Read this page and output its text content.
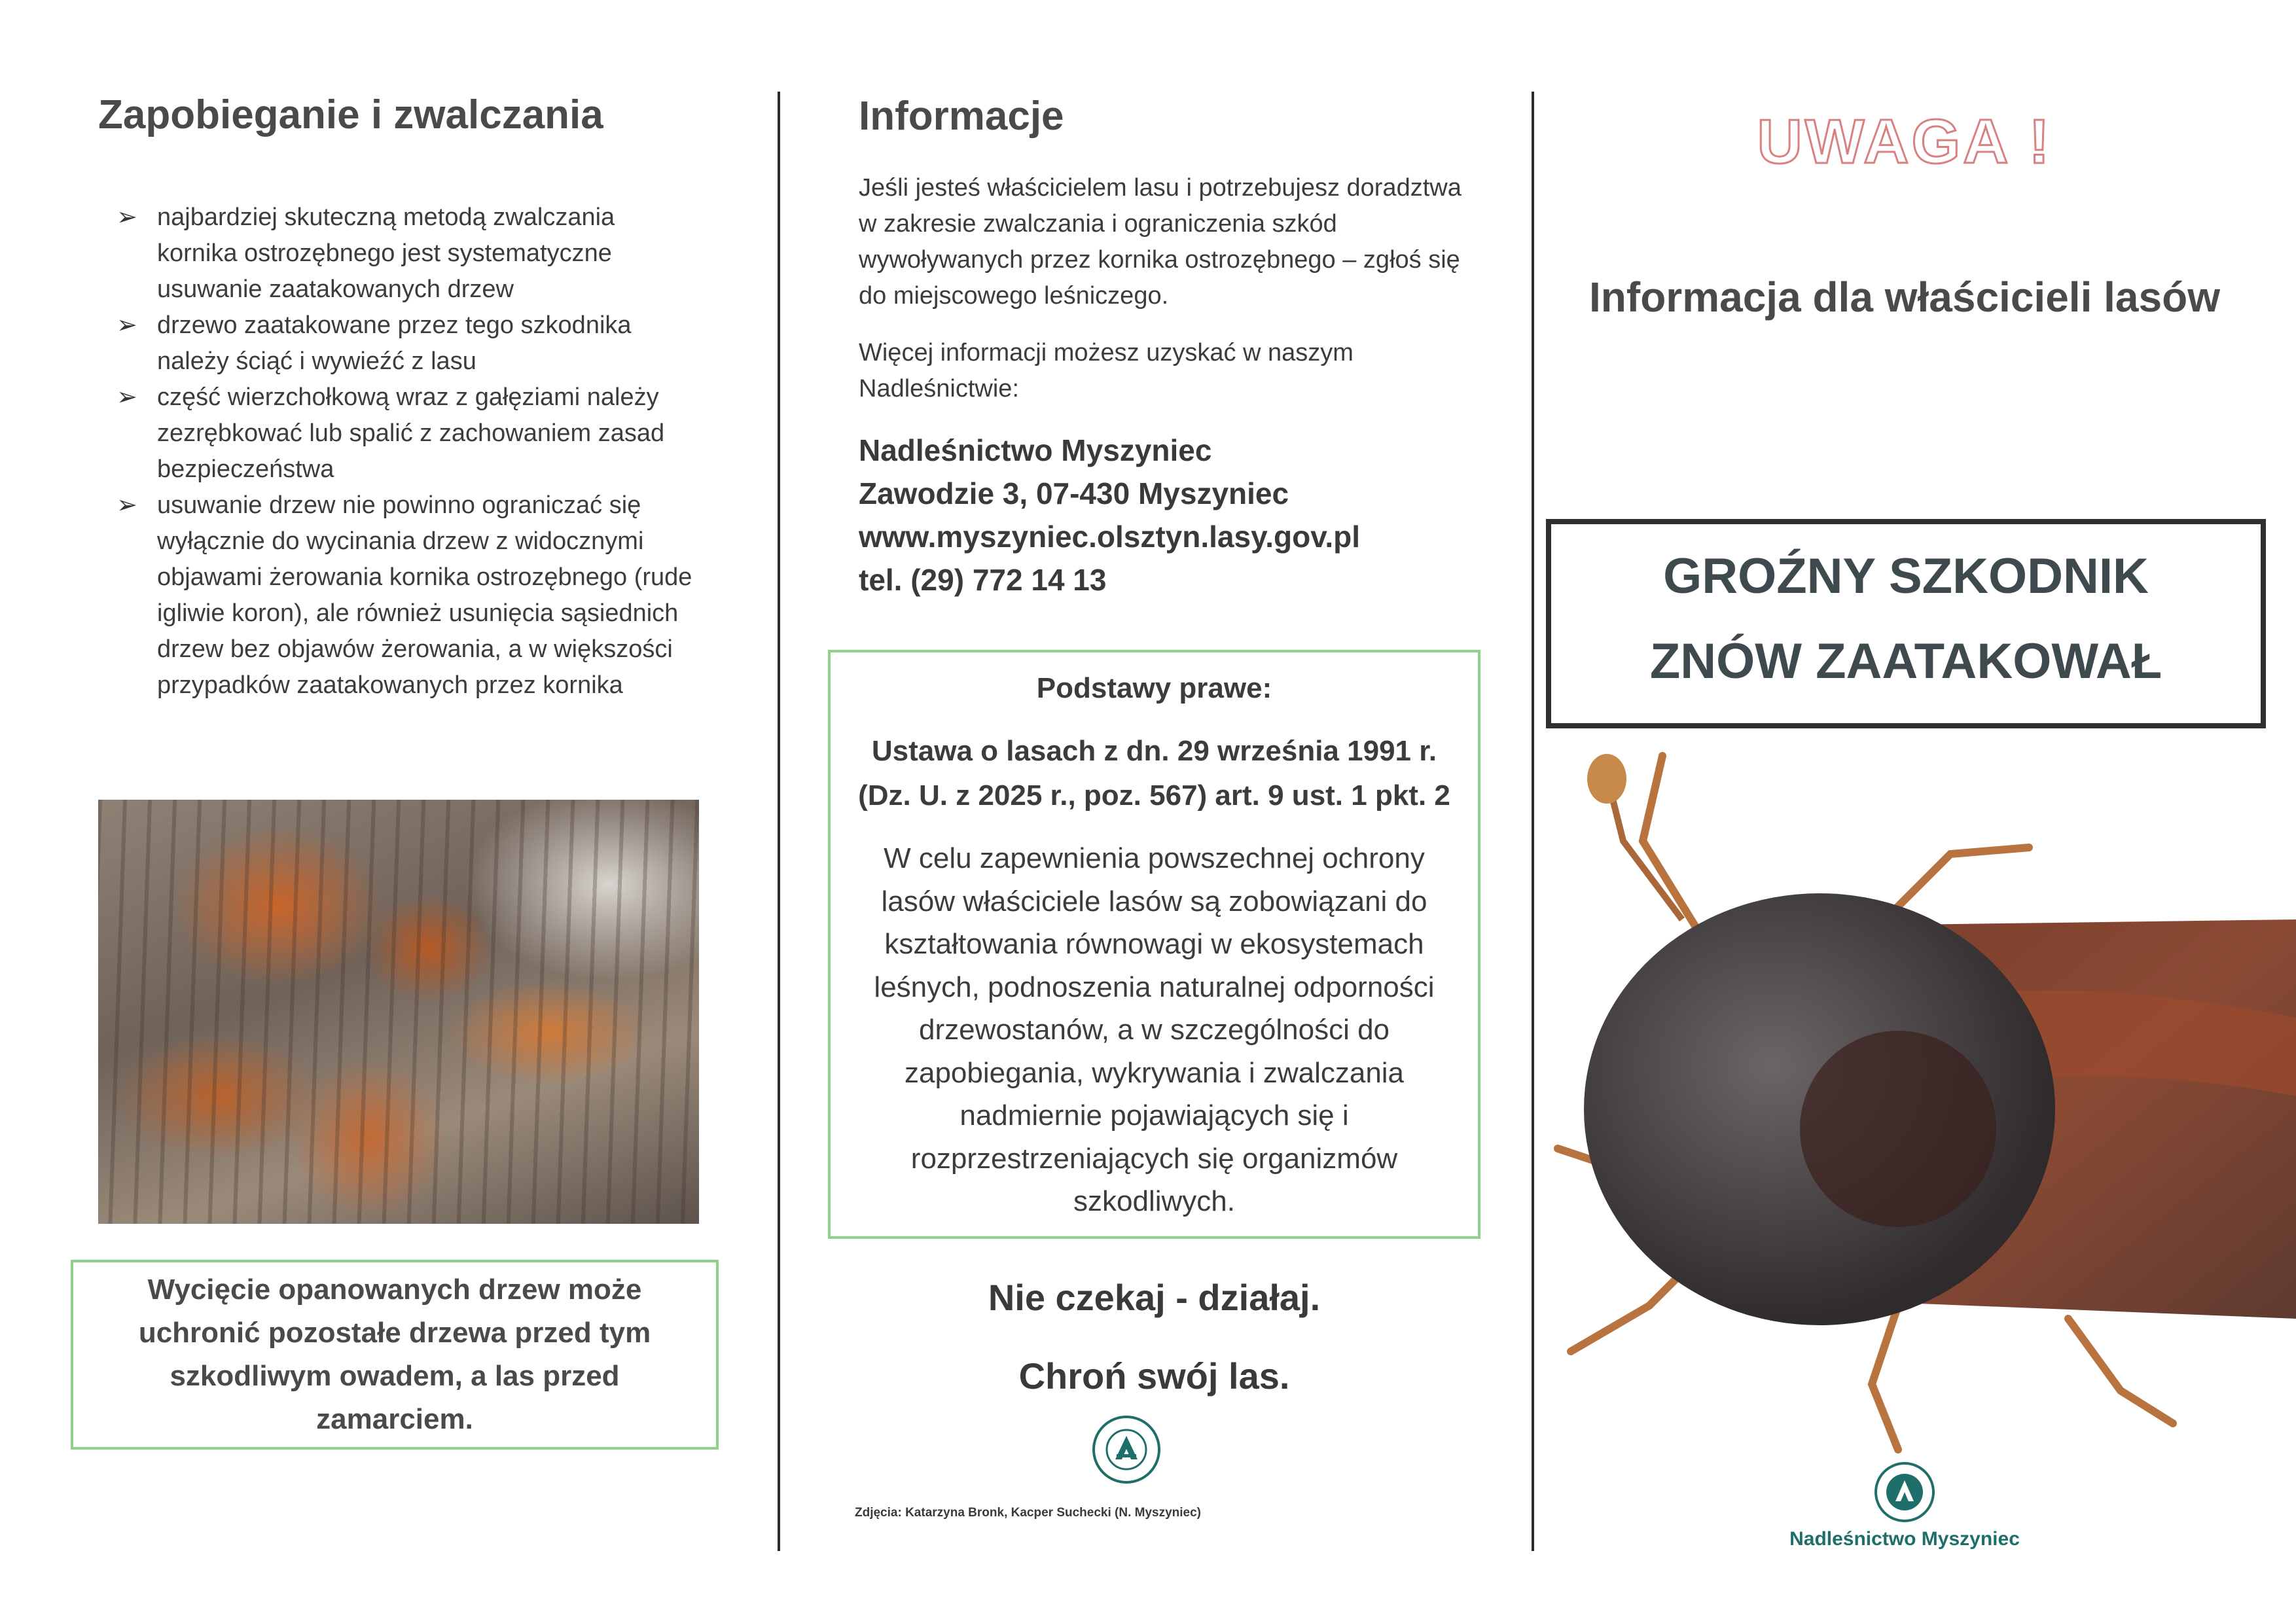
Zapobieganie i zwalczania
➢ najbardziej skuteczną metodą zwalczania kornika ostrozębnego jest systematyczne usuwanie zaatakowanych drzew
➢ drzewo zaatakowane przez tego szkodnika należy ściąć i wywieźć z lasu
➢ część wierzchołkową wraz z gałęziami należy zezrębkować lub spalić z zachowaniem zasad bezpieczeństwa
➢ usuwanie drzew nie powinno ograniczać się wyłącznie do wycinania drzew z widocznymi objawami żerowania kornika ostrozębnego (rude igliwie koron), ale również usunięcia sąsiednich drzew bez objawów żerowania, a w większości przypadków zaatakowanych przez kornika
Wycięcie opanowanych drzew może uchronić pozostałe drzewa przed tym szkodliwym owadem, a las przed zamarciem.
Informacje
Jeśli jesteś właścicielem lasu i potrzebujesz doradztwa w zakresie zwalczania i ograniczenia szkód wywoływanych przez kornika ostrozębnego – zgłoś się do miejscowego leśniczego.
Więcej informacji możesz uzyskać w naszym Nadleśnictwie:
Nadleśnictwo Myszyniec
Zawodzie 3, 07-430 Myszyniec
www.myszyniec.olsztyn.lasy.gov.pl
tel. (29) 772 14 13
Podstawy prawe:
Ustawa o lasach z dn. 29 września 1991 r. (Dz. U. z 2025 r., poz. 567) art. 9 ust. 1 pkt. 2
W celu zapewnienia powszechnej ochrony lasów właściciele lasów są zobowiązani do kształtowania równowagi w ekosystemach leśnych, podnoszenia naturalnej odporności drzewostanów, a w szczególności do zapobiegania, wykrywania i zwalczania nadmiernie pojawiających się i rozprzestrzeniających się organizmów szkodliwych.
Nie czekaj - działaj.
Chroń swój las.
Zdjęcia: Katarzyna Bronk, Kacper Suchecki (N. Myszyniec)
UWAGA !
Informacja dla właścicieli lasów
GROŹNY SZKODNIK
ZNÓW ZAATAKOWAŁ
Nadleśnictwo Myszyniec
